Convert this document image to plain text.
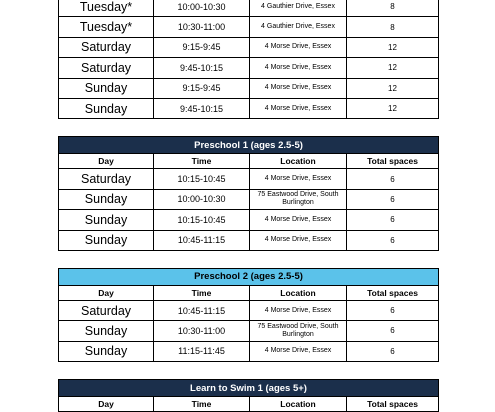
Tuesday*	10:00-10:30	4 Gauthier Drive, Essex	8
Tuesday*	10:30-11:00	4 Gauthier Drive, Essex	8
Saturday	9:15-9:45	4 Morse Drive, Essex	12
Saturday	9:45-10:15	4 Morse Drive, Essex	12
Sunday	9:15-9:45	4 Morse Drive, Essex	12
Sunday	9:45-10:15	4 Morse Drive, Essex	12
Preschool 1 (ages 2.5-5)			
Day	Time	Location	Total spaces
Saturday	10:15-10:45	4 Morse Drive, Essex	6
Sunday	10:00-10:30	75 Eastwood Drive, South Burlington	6
Sunday	10:15-10:45	4 Morse Drive, Essex	6
Sunday	10:45-11:15	4 Morse Drive, Essex	6
Preschool 2 (ages 2.5-5)			
Day	Time	Location	Total spaces
Saturday	10:45-11:15	4 Morse Drive, Essex	6
Sunday	10:30-11:00	75 Eastwood Drive, South Burlington	6
Sunday	11:15-11:45	4 Morse Drive, Essex	6
Learn to Swim 1 (ages 5+)
Day	Time	Location	Total spaces
